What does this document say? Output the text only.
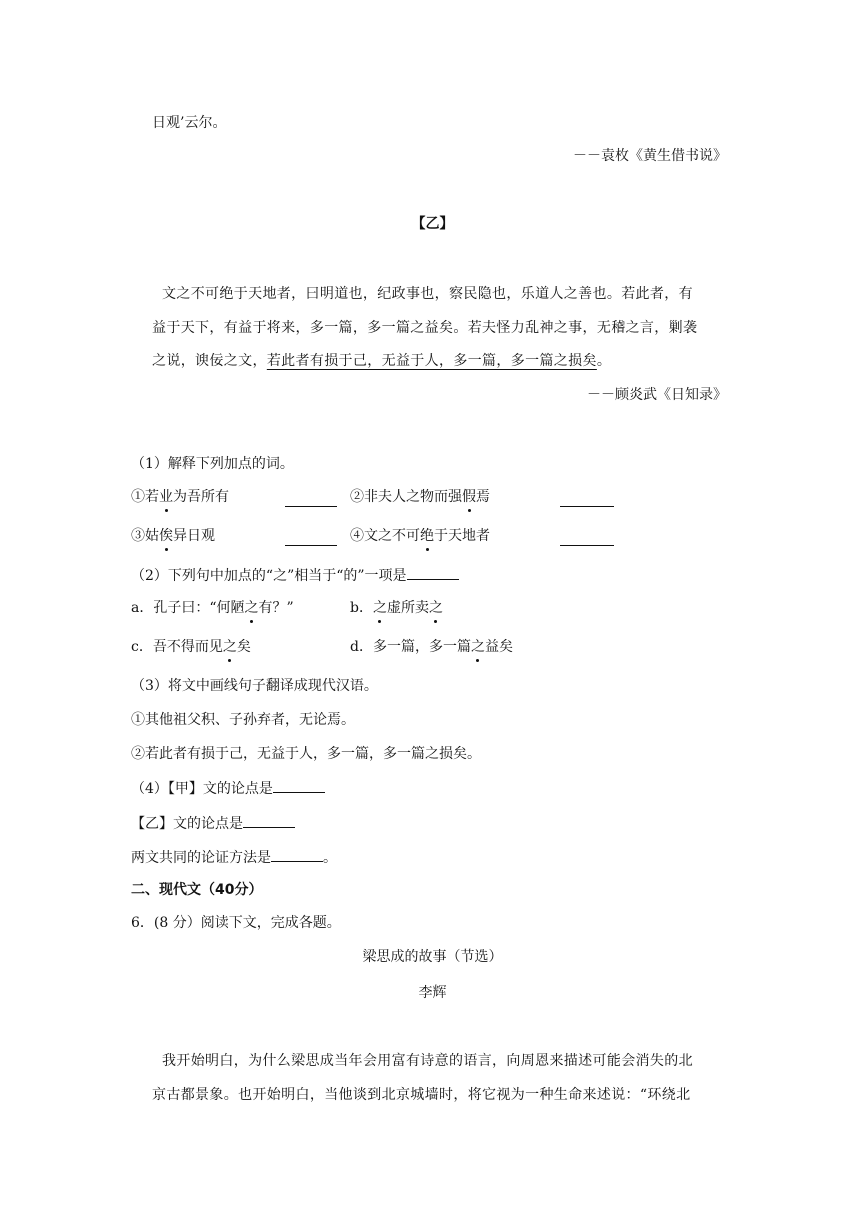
日观’云尔。
－－袁枚《黄生借书说》
【乙】
文之不可绝于天地者，曰明道也，纪政事也，察民隐也，乐道人之善也。若此者，有
益于天下，有益于将来，多一篇，多一篇之益矣。若夫怪力乱神之事，无稽之言，剿袭
之说，谀佞之文，若此者有损于己，无益于人，多一篇，多一篇之损矣。
－－顾炎武《日知录》
（1）解释下列加点的词。
①若业为吾所有	②非夫人之物而强假焉
③姑俟异日观	④文之不可绝于天地者
（2）下列句中加点的“之”相当于“的”一项是
a．孔子曰：“何陋之有？”	b．之虚所卖之
c．吾不得而见之矣	d．多一篇，多一篇之益矣
（3）将文中画线句子翻译成现代汉语。
①其他祖父积、子孙弃者，无论焉。
②若此者有损于己，无益于人，多一篇，多一篇之损矣。
（4）【甲】文的论点是
【乙】文的论点是
两文共同的论证方法是	。
二、现代文（40分）
6．(8 分）阅读下文，完成各题。
梁思成的故事（节选）
李辉
我开始明白，为什么梁思成当年会用富有诗意的语言，向周恩来描述可能会消失的北
京古都景象。也开始明白，当他谈到北京城墙时，将它视为一种生命来述说：“环绕北
